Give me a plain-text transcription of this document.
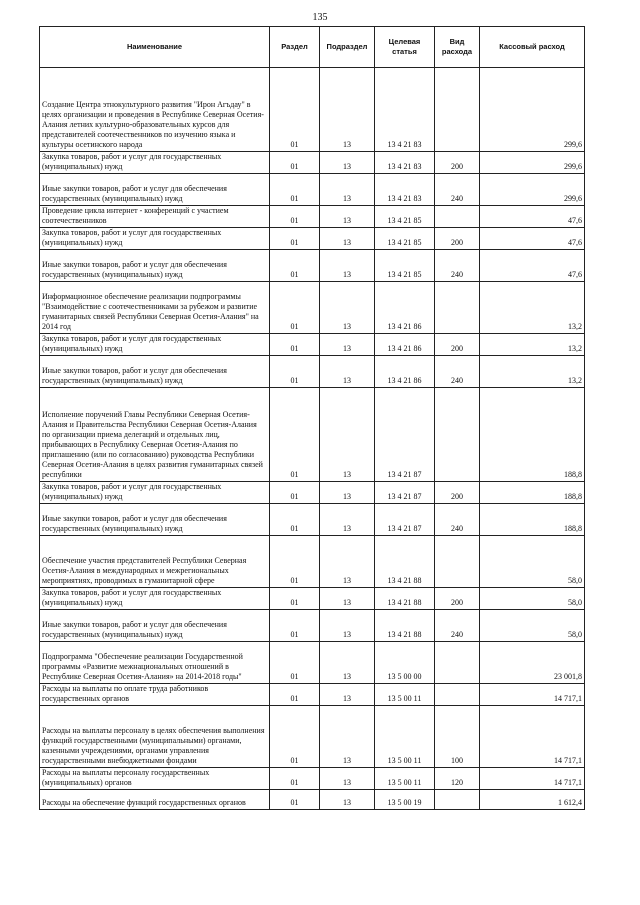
135
Наименование	Раздел	Подраздел	Целевая статья	Вид расхода	Кассовый расход
Создание Центра этнокультурного развития "Ирон Агъдау" в целях организации и проведения в Республике Северная Осетия-Алания летних культурно-образовательных курсов для представителей соотечественников по изучению языка и культуры осетинского народа	01	13	13 4 21 83		299,6
Закупка товаров, работ и услуг для государственных (муниципальных) нужд	01	13	13 4 21 83	200	299,6
Иные закупки товаров, работ и услуг для обеспечения государственных (муниципальных) нужд	01	13	13 4 21 83	240	299,6
Проведение цикла интернет - конференций с участием соотечественников	01	13	13 4 21 85		47,6
Закупка товаров, работ и услуг для государственных (муниципальных) нужд	01	13	13 4 21 85	200	47,6
Иные закупки товаров, работ и услуг для обеспечения государственных (муниципальных) нужд	01	13	13 4 21 85	240	47,6
Информационное обеспечение реализации подпрограммы "Взаимодействие с соотечественниками за рубежом и развитие гуманитарных связей Республики Северная Осетия-Алания" на 2014 год	01	13	13 4 21 86		13,2
Закупка товаров, работ и услуг для государственных (муниципальных) нужд	01	13	13 4 21 86	200	13,2
Иные закупки товаров, работ и услуг для обеспечения государственных (муниципальных) нужд	01	13	13 4 21 86	240	13,2
Исполнение поручений Главы Республики Северная Осетия-Алания и Правительства Республики Северная Осетия-Алания по организации приема делегаций и отдельных лиц, прибывающих в Республику Северная Осетия-Алания по приглашению (или по согласованию) руководства Республики Северная Осетия-Алания в целях развития гуманитарных связей республики	01	13	13 4 21 87		188,8
Закупка товаров, работ и услуг для государственных (муниципальных) нужд	01	13	13 4 21 87	200	188,8
Иные закупки товаров, работ и услуг для обеспечения государственных (муниципальных) нужд	01	13	13 4 21 87	240	188,8
Обеспечение участия представителей Республики Северная Осетия-Алания в международных и межрегиональных мероприятиях, проводимых в гуманитарной сфере	01	13	13 4 21 88		58,0
Закупка товаров, работ и услуг для государственных (муниципальных) нужд	01	13	13 4 21 88	200	58,0
Иные закупки товаров, работ и услуг для обеспечения государственных (муниципальных) нужд	01	13	13 4 21 88	240	58,0
Подпрограмма "Обеспечение реализации Государственной программы «Развитие межнациональных отношений в Республике Северная Осетия-Алания» на 2014-2018 годы"	01	13	13 5 00 00		23 001,8
Расходы на выплаты по оплате труда работников государственных органов	01	13	13 5 00 11		14 717,1
Расходы на выплаты персоналу в целях обеспечения выполнения функций государственными (муниципальными) органами, казенными учреждениями, органами управления государственными внебюджетными фондами	01	13	13 5 00 11	100	14 717,1
Расходы на выплаты персоналу государственных (муниципальных) органов	01	13	13 5 00 11	120	14 717,1
Расходы на обеспечение функций государственных органов	01	13	13 5 00 19		1 612,4
